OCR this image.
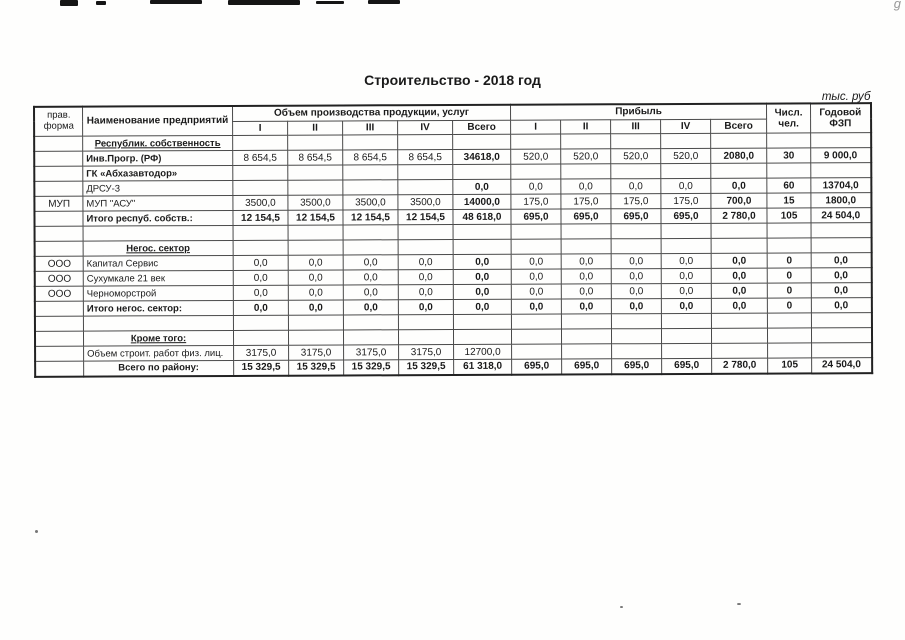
g
Строительство - 2018 год
тыс. руб
прав. форма	Наименование предприятий	Объем производства продукции, услуг					Прибыль					Числ. чел.	Годовой ФЗП
		I	II	III	IV	Всего	I	II	III	IV	Всего		
	Республик. собственность												
	Инв.Прогр. (РФ)	8 654,5	8 654,5	8 654,5	8 654,5	34618,0	520,0	520,0	520,0	520,0	2080,0	30	9 000,0
	ГК «Абхазавтодор»												
	ДРСУ-3					0,0	0,0	0,0	0,0	0,0	0,0	60	13704,0
МУП	МУП "АСУ"	3500,0	3500,0	3500,0	3500,0	14000,0	175,0	175,0	175,0	175,0	700,0	15	1800,0
	Итого респуб. собств.:	12 154,5	12 154,5	12 154,5	12 154,5	48 618,0	695,0	695,0	695,0	695,0	2 780,0	105	24 504,0

	Негос. сектор												
ООО	Капитал Сервис	0,0	0,0	0,0	0,0	0,0	0,0	0,0	0,0	0,0	0,0	0	0,0
ООО	Сухумкале 21 век	0,0	0,0	0,0	0,0	0,0	0,0	0,0	0,0	0,0	0,0	0	0,0
ООО	Черноморстрой	0,0	0,0	0,0	0,0	0,0	0,0	0,0	0,0	0,0	0,0	0	0,0
	Итого негос. сектор:	0,0	0,0	0,0	0,0	0,0	0,0	0,0	0,0	0,0	0,0	0	0,0

	Кроме того:												
	Объем строит. работ физ. лиц.	3175,0	3175,0	3175,0	3175,0	12700,0							
	Всего по району:	15 329,5	15 329,5	15 329,5	15 329,5	61 318,0	695,0	695,0	695,0	695,0	2 780,0	105	24 504,0
